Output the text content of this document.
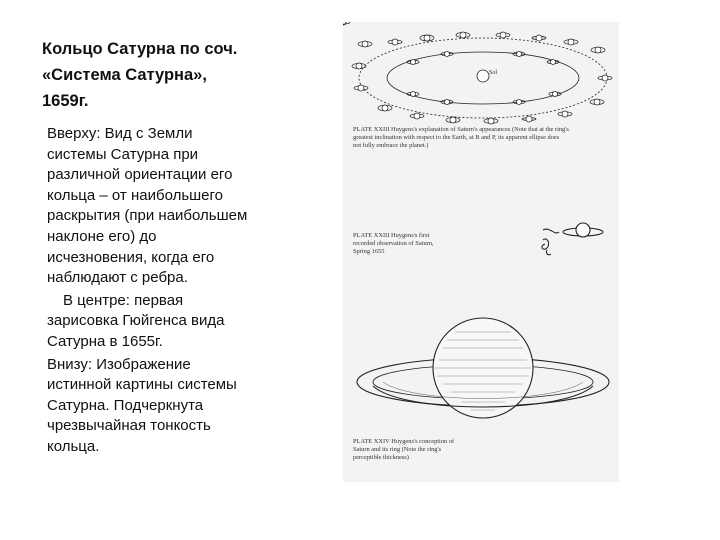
Кольцо Сатурна по соч.
«Система Сатурна»,
1659г.
Вверху: Вид с Земли
системы Сатурна при
различной ориентации его
кольца – от наибольшего
раскрытия (при наибольшем
наклоне его) до
исчезновения, когда его
наблюдают с ребра.
В центре: первая
зарисовка Гюйгенса вида
Сатурна в 1655г.
Внизу: Изображение
истинной картины системы
Сатурна. Подчеркнута
чрезвычайная тонкость
кольца.
Sol
PLATE XXIII Huygens's explanation of Saturn's appearances (Note that at the ring's
greatest inclination with respect to the Earth, at B and P, its apparent ellipse does
not fully embrace the planet.)
PLATE XXIII Huygens's first
recorded observation of Saturn,
Spring 1655
PLATE XXIV Huygens's conception of
Saturn and its ring (Note the ring's
perceptible thickness)
